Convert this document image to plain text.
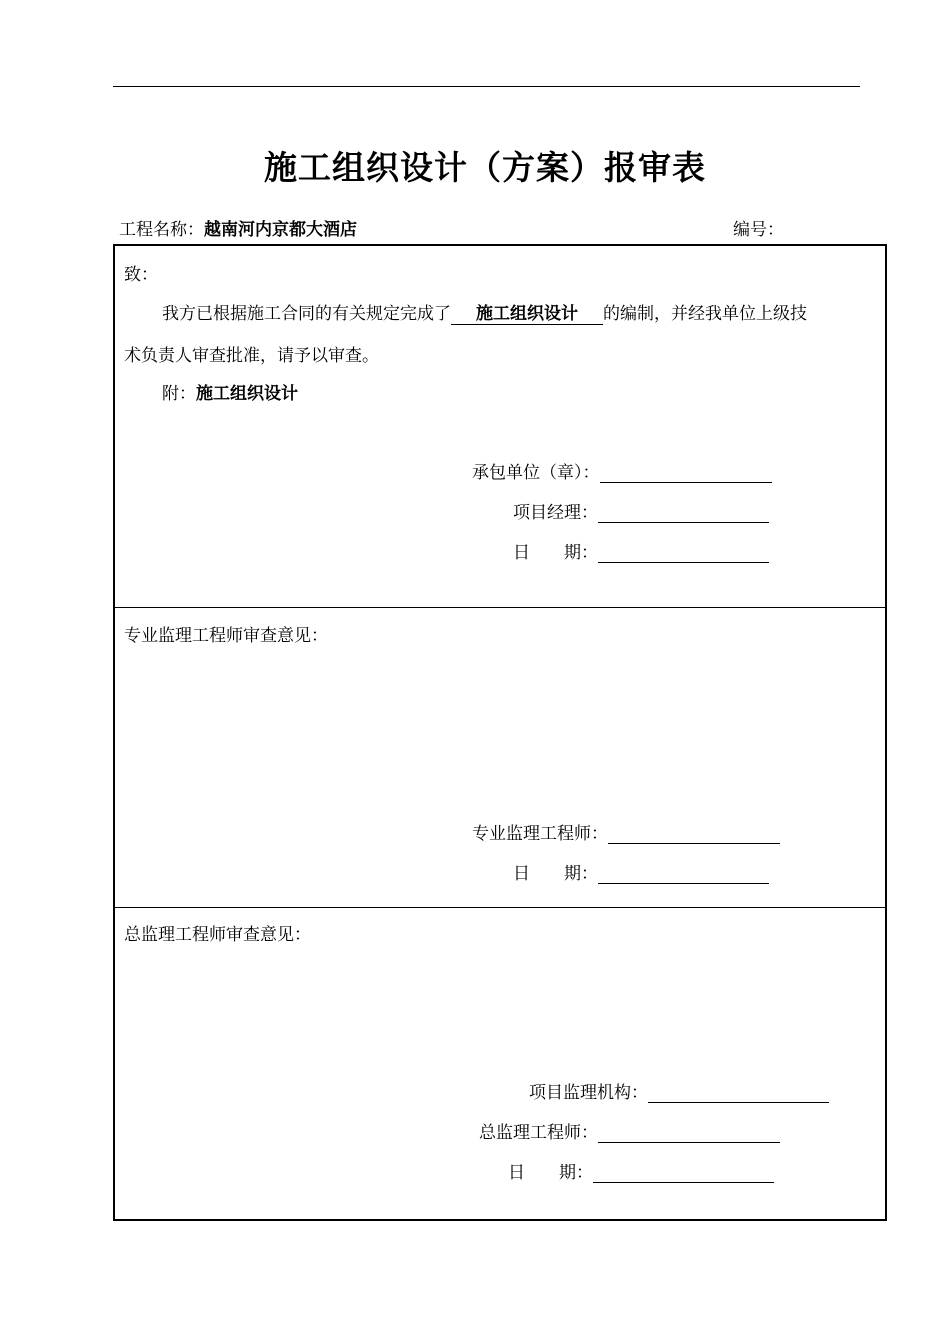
施工组织设计（方案）报审表
工程名称：越南河内京都大酒店	编号：
致：
我方已根据施工合同的有关规定完成了 施工组织设计 的编制，并经我单位上级技
术负责人审查批准，请予以审查。
附：施工组织设计
承包单位（章）：
项目经理：
日　　期：
专业监理工程师审查意见：
专业监理工程师：
日　　期：
总监理工程师审查意见：
项目监理机构：
总监理工程师：
日　　期：
